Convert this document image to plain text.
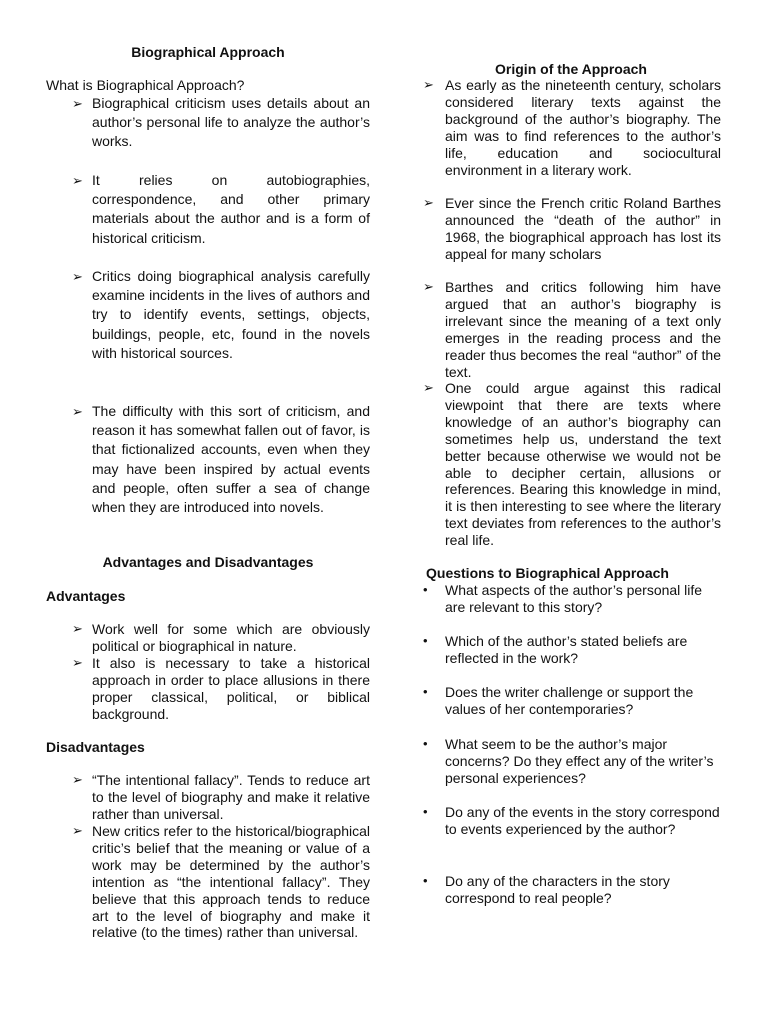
Biographical Approach
What is Biographical Approach?
➢ Biographical criticism uses details about an author’s personal life to analyze the author’s works.
➢ It relies on autobiographies, correspondence, and other primary materials about the author and is a form of historical criticism.
➢ Critics doing biographical analysis carefully examine incidents in the lives of authors and try to identify events, settings, objects, buildings, people, etc, found in the novels with historical sources.
➢ The difficulty with this sort of criticism, and reason it has somewhat fallen out of favor, is that fictionalized accounts, even when they may have been inspired by actual events and people, often suffer a sea of change when they are introduced into novels.
Advantages and Disadvantages
Advantages
➢ Work well for some which are obviously political or biographical in nature.
➢ It also is necessary to take a historical approach in order to place allusions in there proper classical, political, or biblical background.
Disadvantages
➢ “The intentional fallacy”. Tends to reduce art to the level of biography and make it relative rather than universal.
➢ New critics refer to the historical/biographical critic’s belief that the meaning or value of a work may be determined by the author’s intention as “the intentional fallacy”. They believe that this approach tends to reduce art to the level of biography and make it relative (to the times) rather than universal.
Origin of the Approach
➢ As early as the nineteenth century, scholars considered literary texts against the background of the author’s biography. The aim was to find references to the author’s life, education and sociocultural environment in a literary work.
➢ Ever since the French critic Roland Barthes announced the “death of the author” in 1968, the biographical approach has lost its appeal for many scholars
➢ Barthes and critics following him have argued that an author’s biography is irrelevant since the meaning of a text only emerges in the reading process and the reader thus becomes the real “author” of the text.
➢ One could argue against this radical viewpoint that there are texts where knowledge of an author’s biography can sometimes help us, understand the text better because otherwise we would not be able to decipher certain, allusions or references. Bearing this knowledge in mind, it is then interesting to see where the literary text deviates from references to the author’s real life.
Questions to Biographical Approach
• What aspects of the author’s personal life are relevant to this story?
• Which of the author’s stated beliefs are reflected in the work?
• Does the writer challenge or support the values of her contemporaries?
• What seem to be the author’s major concerns? Do they effect any of the writer’s personal experiences?
• Do any of the events in the story correspond to events experienced by the author?
• Do any of the characters in the story correspond to real people?
